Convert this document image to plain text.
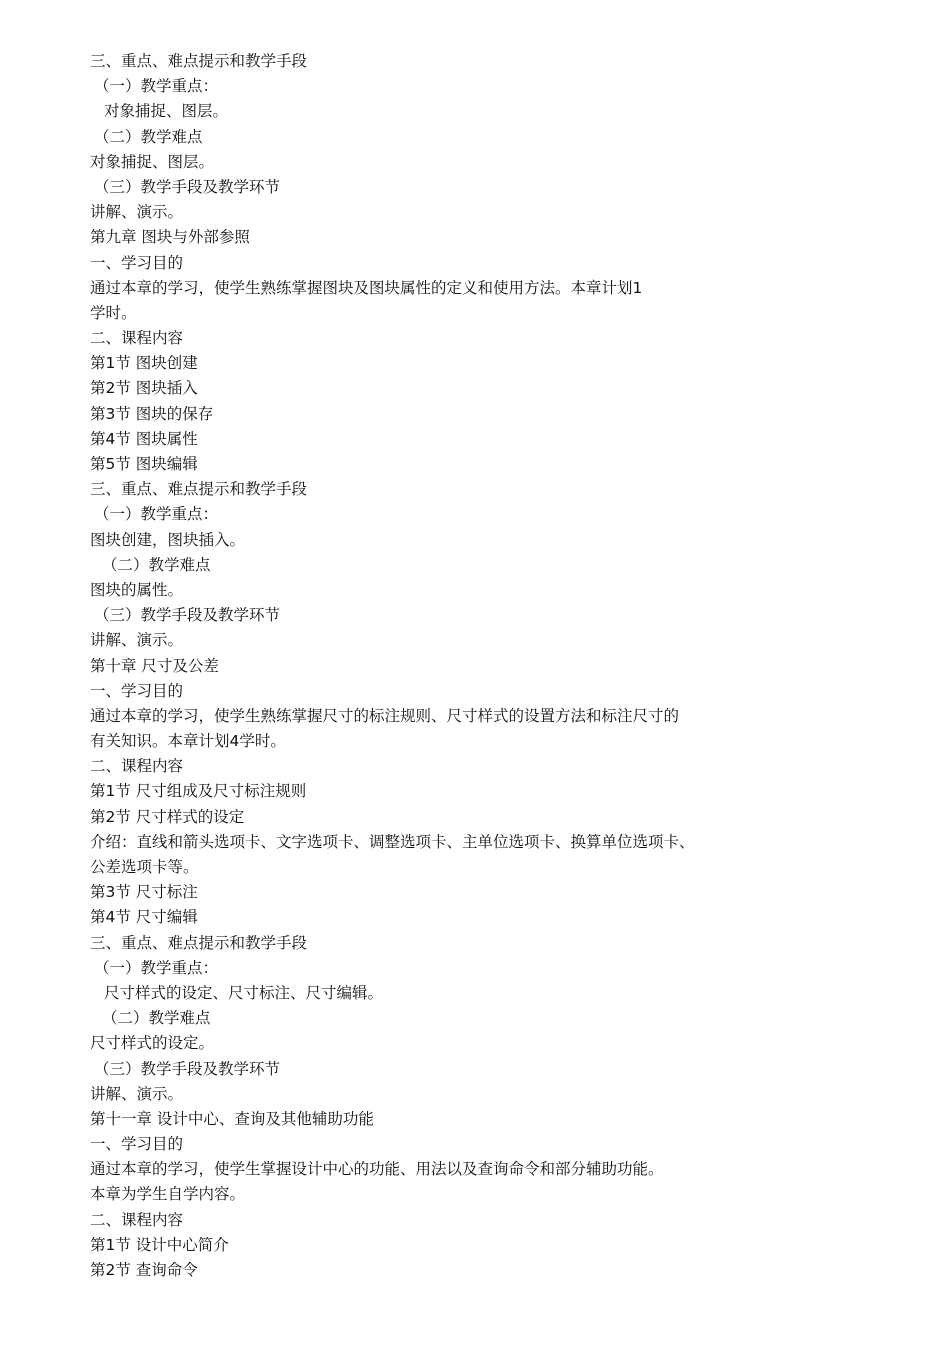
三、重点、难点提示和教学手段
（一）教学重点：
对象捕捉、图层。
（二）教学难点
对象捕捉、图层。
（三）教学手段及教学环节
讲解、演示。
第九章 图块与外部参照
一、学习目的
通过本章的学习，使学生熟练掌握图块及图块属性的定义和使用方法。本章计划1
学时。
二、课程内容
第1节 图块创建
第2节 图块插入
第3节 图块的保存
第4节 图块属性
第5节 图块编辑
三、重点、难点提示和教学手段
（一）教学重点：
图块创建，图块插入。
（二）教学难点
图块的属性。
（三）教学手段及教学环节
讲解、演示。
第十章 尺寸及公差
一、学习目的
通过本章的学习，使学生熟练掌握尺寸的标注规则、尺寸样式的设置方法和标注尺寸的
有关知识。本章计划4学时。
二、课程内容
第1节 尺寸组成及尺寸标注规则
第2节 尺寸样式的设定
介绍：直线和箭头选项卡、文字选项卡、调整选项卡、主单位选项卡、换算单位选项卡、
公差选项卡等。
第3节 尺寸标注
第4节 尺寸编辑
三、重点、难点提示和教学手段
（一）教学重点：
尺寸样式的设定、尺寸标注、尺寸编辑。
（二）教学难点
尺寸样式的设定。
（三）教学手段及教学环节
讲解、演示。
第十一章 设计中心、查询及其他辅助功能
一、学习目的
通过本章的学习，使学生掌握设计中心的功能、用法以及查询命令和部分辅助功能。
本章为学生自学内容。
二、课程内容
第1节 设计中心简介
第2节 查询命令
